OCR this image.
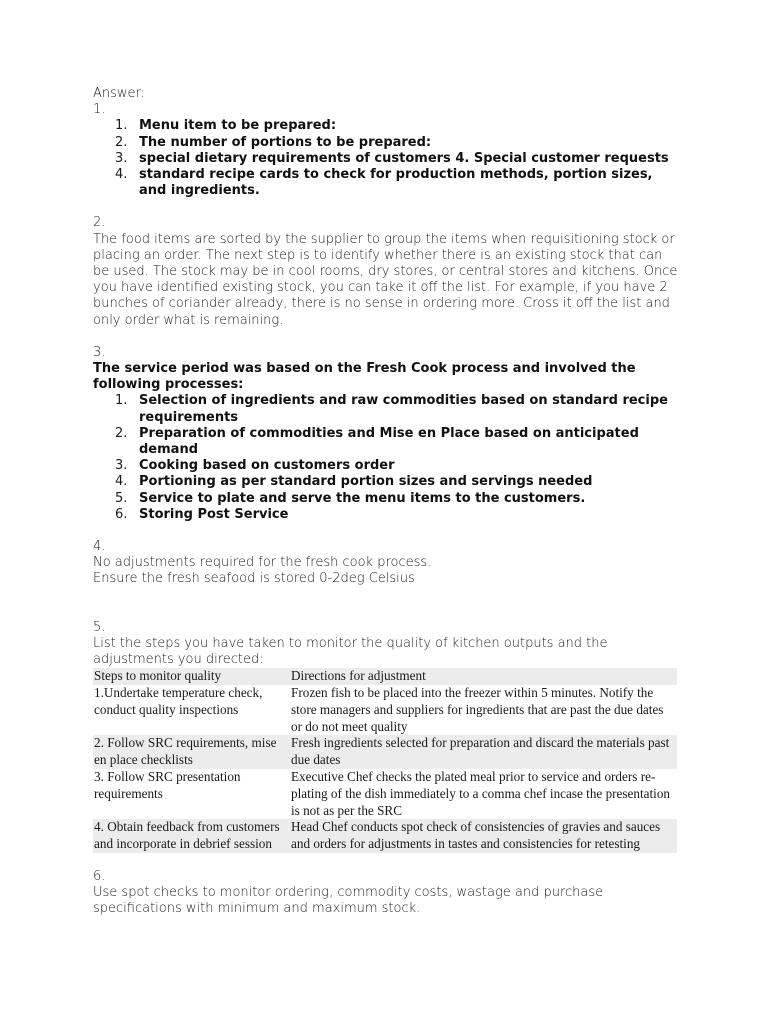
Answer:
1.
1. Menu item to be prepared:
2. The number of portions to be prepared:
3. special dietary requirements of customers 4. Special customer requests
4. standard recipe cards to check for production methods, portion sizes, and ingredients.
2.

The food items are sorted by the supplier to group the items when requisitioning stock or placing an order. The next step is to identify whether there is an existing stock that can be used. The stock may be in cool rooms, dry stores, or central stores and kitchens. Once you have identified existing stock, you can take it off the list. For example, if you have 2 bunches of coriander already, there is no sense in ordering more. Cross it off the list and only order what is remaining.

3.

The service period was based on the Fresh Cook process and involved the following processes:

1. Selection of ingredients and raw commodities based on standard recipe requirements
2. Preparation of commodities and Mise en Place based on anticipated demand
3. Cooking based on customers order
4. Portioning as per standard portion sizes and servings needed
5. Service to plate and serve the menu items to the customers.
6. Storing Post Service
4.
No adjustments required for the fresh cook process.
Ensure the fresh seafood is stored 0-2deg Celsius
5.

List the steps you have taken to monitor the quality of kitchen outputs and the adjustments you directed:

Steps to monitor quality	Directions for adjustment
1.Undertake temperature check, conduct quality inspections	Frozen fish to be placed into the freezer within 5 minutes. Notify the store managers and suppliers for ingredients that are past the due dates or do not meet quality
2. Follow SRC requirements, mise en place checklists	Fresh ingredients selected for preparation and discard the materials past due dates
3. Follow SRC presentation requirements	Executive Chef checks the plated meal prior to service and orders re-plating of the dish immediately to a comma chef incase the presentation is not as per the SRC
4. Obtain feedback from customers and incorporate in debrief session	Head Chef conducts spot check of consistencies of gravies and sauces and orders for adjustments in tastes and consistencies for retesting
6.

Use spot checks to monitor ordering, commodity costs, wastage and purchase specifications with minimum and maximum stock.
